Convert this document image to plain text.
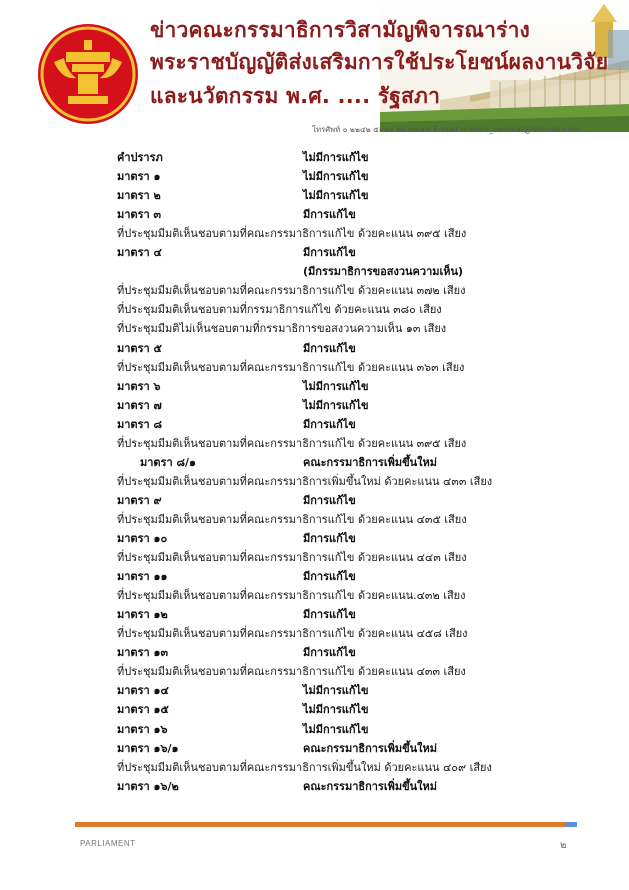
ข่าวคณะกรรมาธิการวิสามัญพิจารณาร่าง
พระราชบัญญัติส่งเสริมการใช้ประโยชน์ผลงานวิจัย
และนวัตกรรม พ.ศ. .... รัฐสภา
โทรศัพท์ ๐ ๒๒๔๒ ๕๙๐๐ ต่อ ๗๓๔๔ E-mail science_seminar@hotmail.com
คำปรารภ	ไม่มีการแก้ไข
มาตรา ๑	ไม่มีการแก้ไข
มาตรา ๒	ไม่มีการแก้ไข
มาตรา ๓	มีการแก้ไข
ที่ประชุมมีมติเห็นชอบตามที่คณะกรรมาธิการแก้ไข ด้วยคะแนน ๓๙๕ เสียง
มาตรา ๔	มีการแก้ไข
(มีกรรมาธิการขอสงวนความเห็น)
ที่ประชุมมีมติเห็นชอบตามที่คณะกรรมาธิการแก้ไข ด้วยคะแนน ๓๗๒ เสียง
ที่ประชุมมีมติเห็นชอบตามที่กรรมาธิการแก้ไข ด้วยคะแนน ๓๘๐ เสียง
ที่ประชุมมีมติไม่เห็นชอบตามที่กรรมาธิการขอสงวนความเห็น ๑๓ เสียง
มาตรา ๕	มีการแก้ไข
ที่ประชุมมีมติเห็นชอบตามที่คณะกรรมาธิการแก้ไข ด้วยคะแนน ๓๖๓ เสียง
มาตรา ๖	ไม่มีการแก้ไข
มาตรา ๗	ไม่มีการแก้ไข
มาตรา ๘	มีการแก้ไข
ที่ประชุมมีมติเห็นชอบตามที่คณะกรรมาธิการแก้ไข ด้วยคะแนน ๓๙๕ เสียง
มาตรา ๘/๑	คณะกรรมาธิการเพิ่มขึ้นใหม่
ที่ประชุมมีมติเห็นชอบตามที่คณะกรรมาธิการเพิ่มขึ้นใหม่ ด้วยคะแนน ๔๓๓ เสียง
มาตรา ๙	มีการแก้ไข
ที่ประชุมมีมติเห็นชอบตามที่คณะกรรมาธิการแก้ไข ด้วยคะแนน ๔๓๕ เสียง
มาตรา ๑๐	มีการแก้ไข
ที่ประชุมมีมติเห็นชอบตามที่คณะกรรมาธิการแก้ไข ด้วยคะแนน ๔๔๓ เสียง
มาตรา ๑๑	มีการแก้ไข
ที่ประชุมมีมติเห็นชอบตามที่คณะกรรมาธิการแก้ไข ด้วยคะแนน.๔๓๒ เสียง
มาตรา ๑๒	มีการแก้ไข
ที่ประชุมมีมติเห็นชอบตามที่คณะกรรมาธิการแก้ไข ด้วยคะแนน ๔๕๘ เสียง
มาตรา ๑๓	มีการแก้ไข
ที่ประชุมมีมติเห็นชอบตามที่คณะกรรมาธิการแก้ไข ด้วยคะแนน ๔๓๓ เสียง
มาตรา ๑๔	ไม่มีการแก้ไข
มาตรา ๑๕	ไม่มีการแก้ไข
มาตรา ๑๖	ไม่มีการแก้ไข
มาตรา ๑๖/๑	คณะกรรมาธิการเพิ่มขึ้นใหม่
ที่ประชุมมีมติเห็นชอบตามที่คณะกรรมาธิการเพิ่มขึ้นใหม่ ด้วยคะแนน ๔๐๙ เสียง
มาตรา ๑๖/๒	คณะกรรมาธิการเพิ่มขึ้นใหม่
PARLIAMENT	๒
